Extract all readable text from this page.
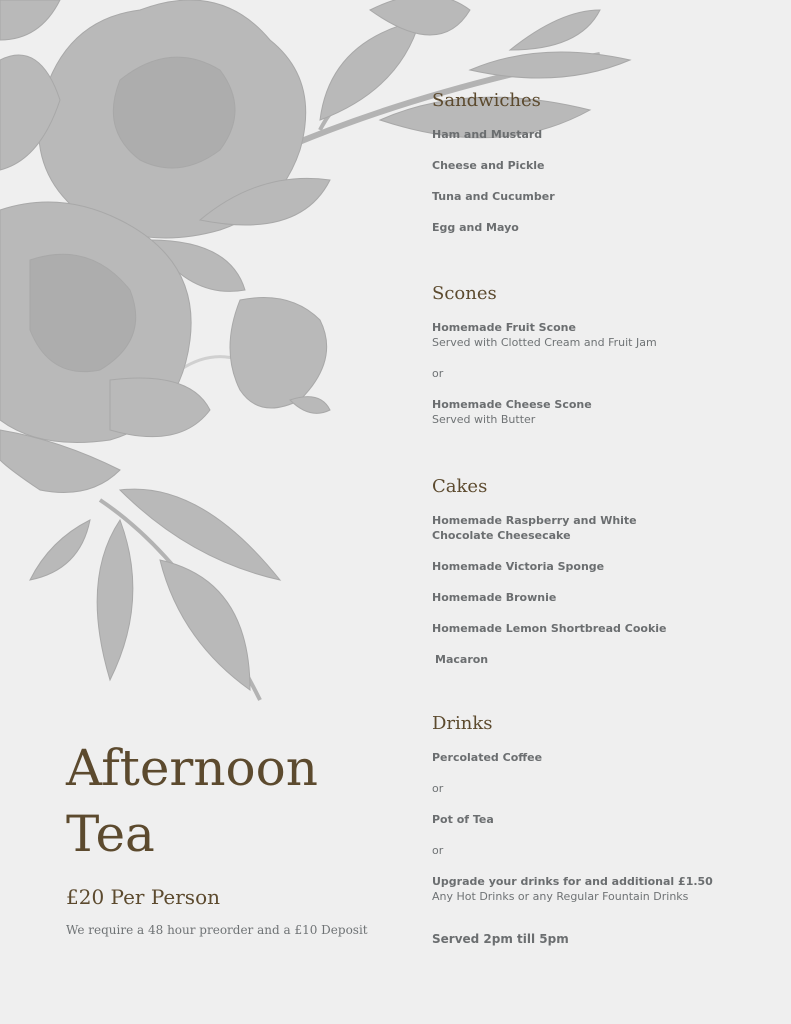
Sandwiches
Ham and Mustard
Cheese and Pickle
Tuna and Cucumber
Egg and Mayo
Scones
Homemade Fruit Scone
Served with Clotted Cream and Fruit Jam
or
Homemade Cheese Scone
Served with Butter
Cakes
Homemade Raspberry and White Chocolate Cheesecake
Homemade Victoria Sponge
Homemade Brownie
Homemade Lemon Shortbread Cookie
Macaron
Drinks
Percolated Coffee
or
Pot of Tea
or
Upgrade your drinks for and additional £1.50
Any Hot Drinks or any Regular Fountain Drinks
Served 2pm till 5pm
Afternoon
Tea
£20 Per Person
We require a 48 hour preorder and a £10 Deposit
